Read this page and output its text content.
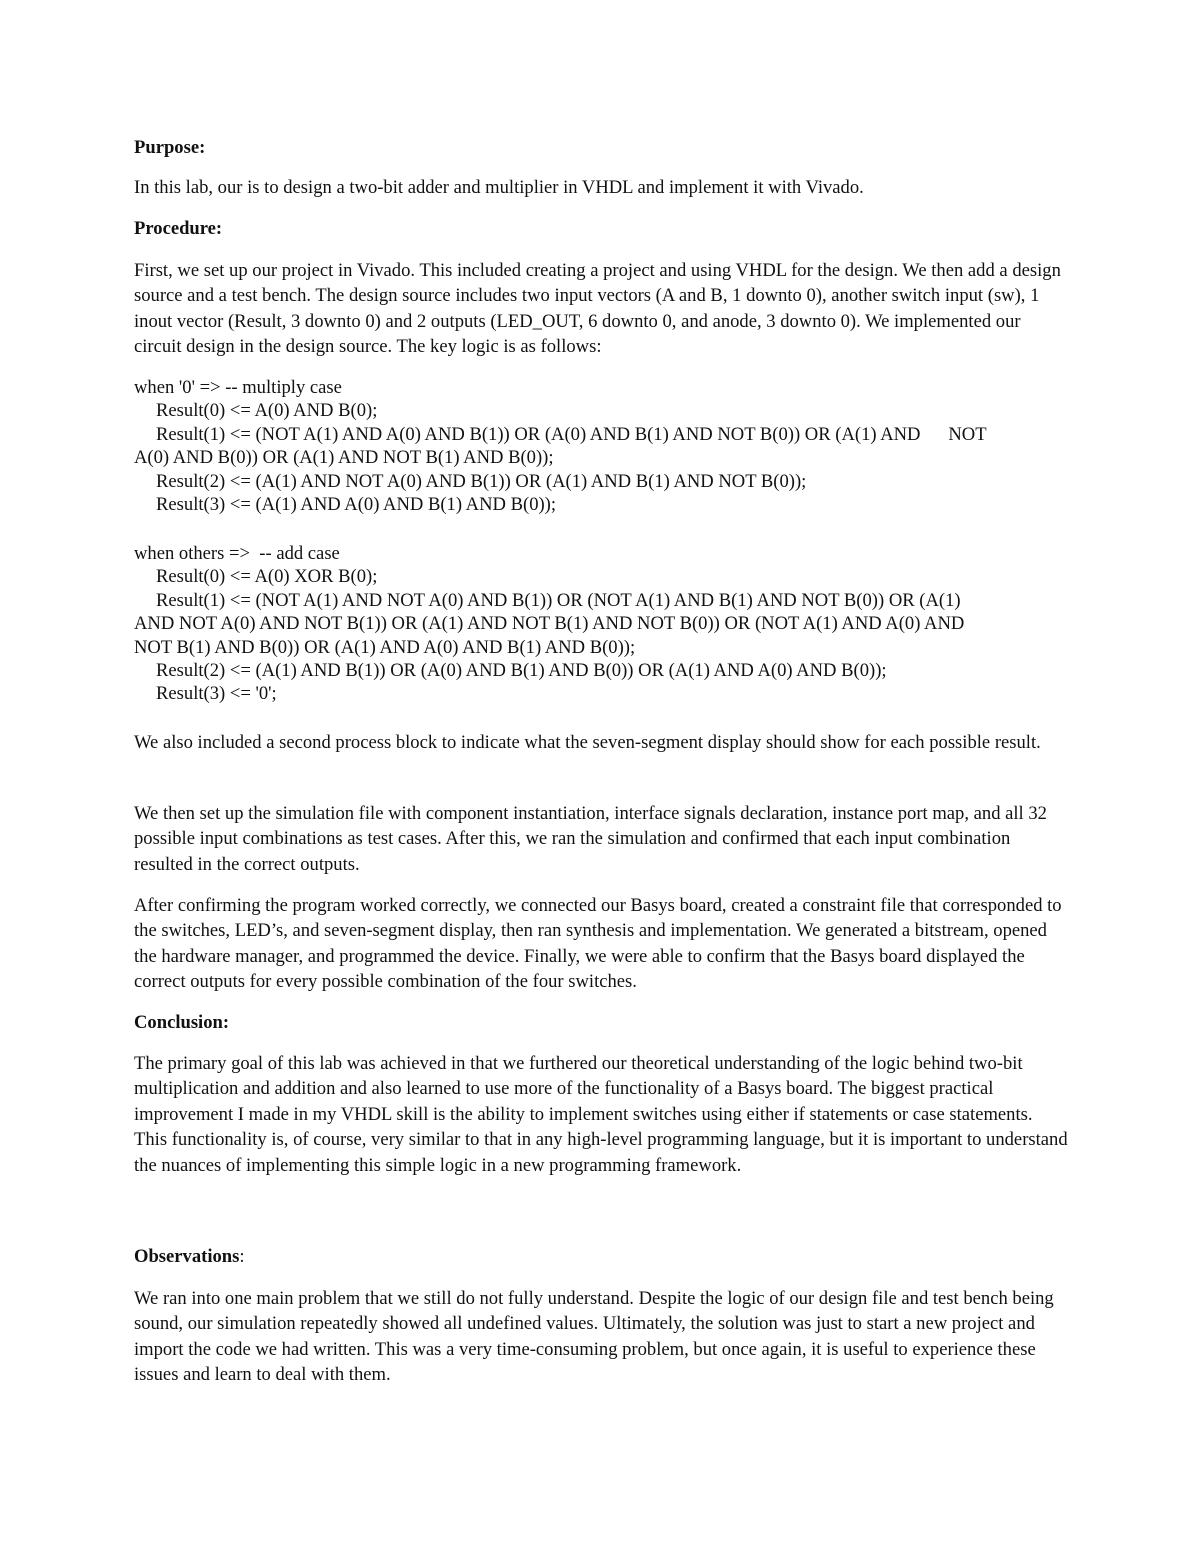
Purpose:

In this lab, our is to design a two-bit adder and multiplier in VHDL and implement it with Vivado.

Procedure:

First, we set up our project in Vivado. This included creating a project and using VHDL for the design. We then add a design source and a test bench. The design source includes two input vectors (A and B, 1 downto 0), another switch input (sw), 1 inout vector (Result, 3 downto 0) and 2 outputs (LED_OUT, 6 downto 0, and anode, 3 downto 0). We implemented our circuit design in the design source. The key logic is as follows:

when '0' => -- multiply case
Result(0) <= A(0) AND B(0);
Result(1) <= (NOT A(1) AND A(0) AND B(1)) OR (A(0) AND B(1) AND NOT B(0)) OR (A(1) AND      NOT
A(0) AND B(0)) OR (A(1) AND NOT B(1) AND B(0));
Result(2) <= (A(1) AND NOT A(0) AND B(1)) OR (A(1) AND B(1) AND NOT B(0));
Result(3) <= (A(1) AND A(0) AND B(1) AND B(0));
when others =>  -- add case
Result(0) <= A(0) XOR B(0);
Result(1) <= (NOT A(1) AND NOT A(0) AND B(1)) OR (NOT A(1) AND B(1) AND NOT B(0)) OR (A(1)
AND NOT A(0) AND NOT B(1)) OR (A(1) AND NOT B(1) AND NOT B(0)) OR (NOT A(1) AND A(0) AND
NOT B(1) AND B(0)) OR (A(1) AND A(0) AND B(1) AND B(0));
Result(2) <= (A(1) AND B(1)) OR (A(0) AND B(1) AND B(0)) OR (A(1) AND A(0) AND B(0));
Result(3) <= '0';

We also included a second process block to indicate what the seven-segment display should show for each possible result.

We then set up the simulation file with component instantiation, interface signals declaration, instance port map, and all 32 possible input combinations as test cases. After this, we ran the simulation and confirmed that each input combination resulted in the correct outputs.

After confirming the program worked correctly, we connected our Basys board, created a constraint file that corresponded to the switches, LED’s, and seven-segment display, then ran synthesis and implementation. We generated a bitstream, opened the hardware manager, and programmed the device. Finally, we were able to confirm that the Basys board displayed the correct outputs for every possible combination of the four switches.

Conclusion:

The primary goal of this lab was achieved in that we furthered our theoretical understanding of the logic behind two-bit multiplication and addition and also learned to use more of the functionality of a Basys board. The biggest practical improvement I made in my VHDL skill is the ability to implement switches using either if statements or case statements. This functionality is, of course, very similar to that in any high-level programming language, but it is important to understand the nuances of implementing this simple logic in a new programming framework.

Observations:

We ran into one main problem that we still do not fully understand. Despite the logic of our design file and test bench being sound, our simulation repeatedly showed all undefined values. Ultimately, the solution was just to start a new project and import the code we had written. This was a very time-consuming problem, but once again, it is useful to experience these issues and learn to deal with them.
